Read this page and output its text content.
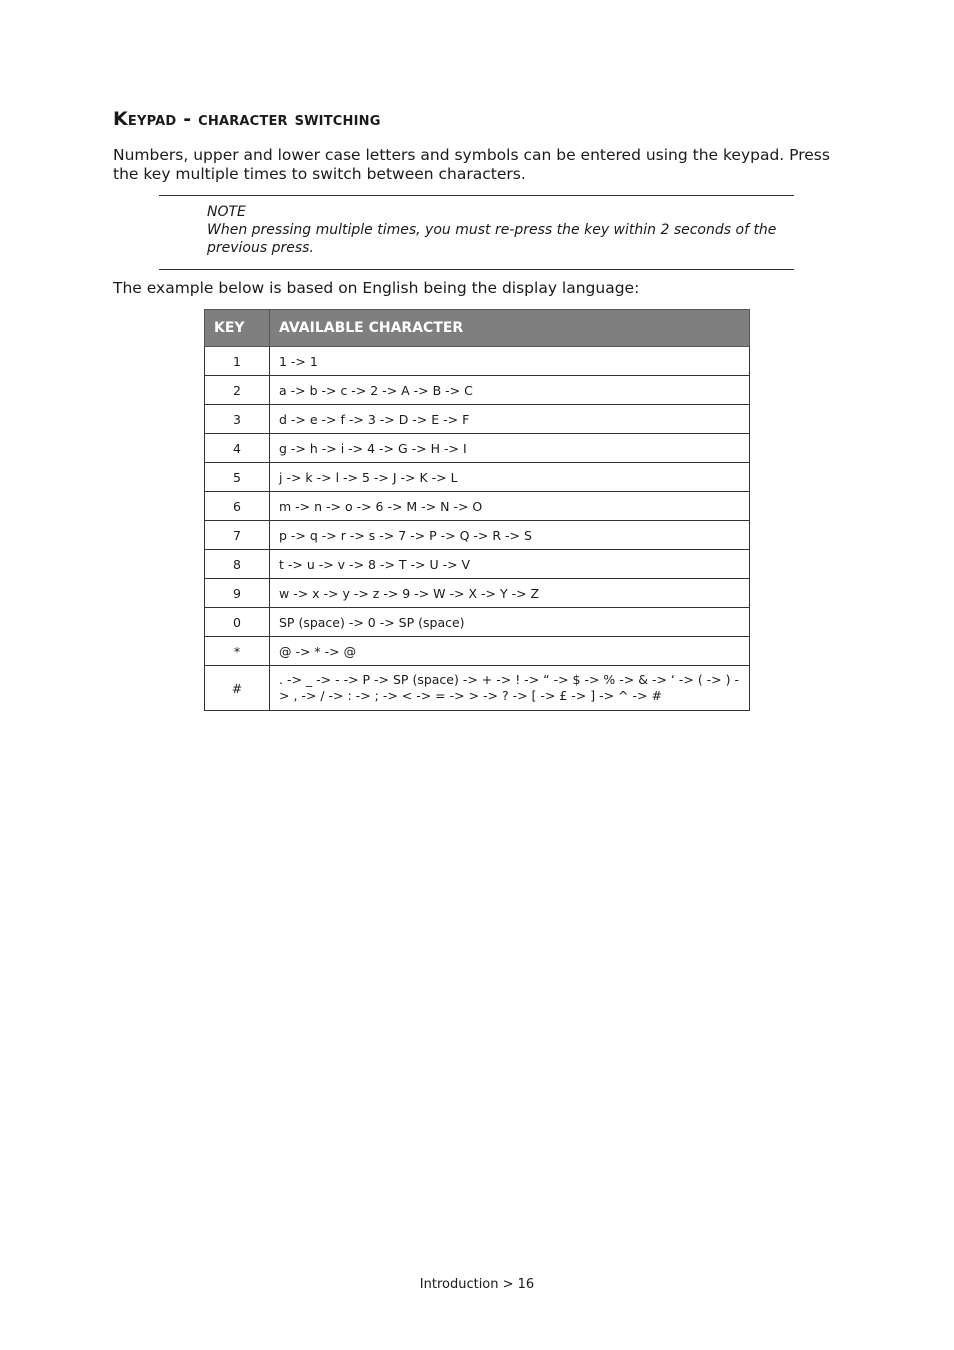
Keypad - character switching

Numbers, upper and lower case letters and symbols can be entered using the keypad. Press the key multiple times to switch between characters.

NOTE

When pressing multiple times, you must re-press the key within 2 seconds of the previous press.

The example below is based on English being the display language:

KEY	AVAILABLE CHARACTER
1	1 -> 1
2	a -> b -> c -> 2 -> A -> B -> C
3	d -> e -> f -> 3 -> D -> E -> F
4	g -> h -> i -> 4 -> G -> H -> I
5	j -> k -> l -> 5 -> J -> K -> L
6	m -> n -> o -> 6 -> M -> N -> O
7	p -> q -> r -> s -> 7 -> P -> Q -> R -> S
8	t -> u -> v -> 8 -> T -> U -> V
9	w -> x -> y -> z -> 9 -> W -> X -> Y -> Z
0	SP (space) -> 0 -> SP (space)
*	@ -> * -> @
#	. -> _ -> - -> P -> SP (space) -> + -> ! -> “ -> $ -> % -> & -> ‘ -> ( -> ) -> , -> / -> : -> ; -> < -> = -> > -> ? -> [ -> £ -> ] -> ^ -> #

Introduction > 16
